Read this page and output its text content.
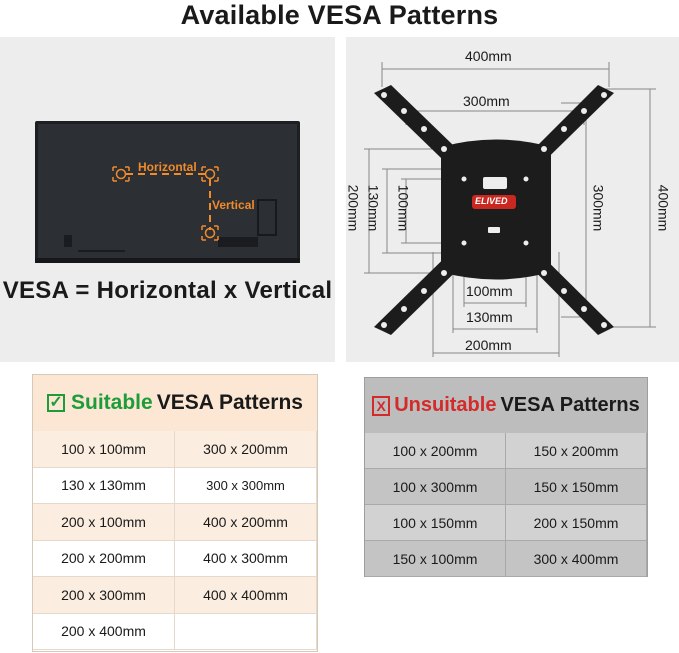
Available VESA Patterns
Horizontal
Vertical
VESA = Horizontal x Vertical
ELIVED
400mm
300mm
100mm
130mm
200mm
200mm 130mm 100mm	300mm	400mm
✓ Suitable VESA Patterns
100 x 100mm	300 x 200mm
130 x 130mm	300 x 300mm
200 x 100mm	400 x 200mm
200 x 200mm	400 x 300mm
200 x 300mm	400 x 400mm
200 x 400mm
X Unsuitable VESA Patterns
100 x 200mm	150 x 200mm
100 x 300mm	150 x 150mm
100 x 150mm	200 x 150mm
150 x 100mm	300 x 400mm
